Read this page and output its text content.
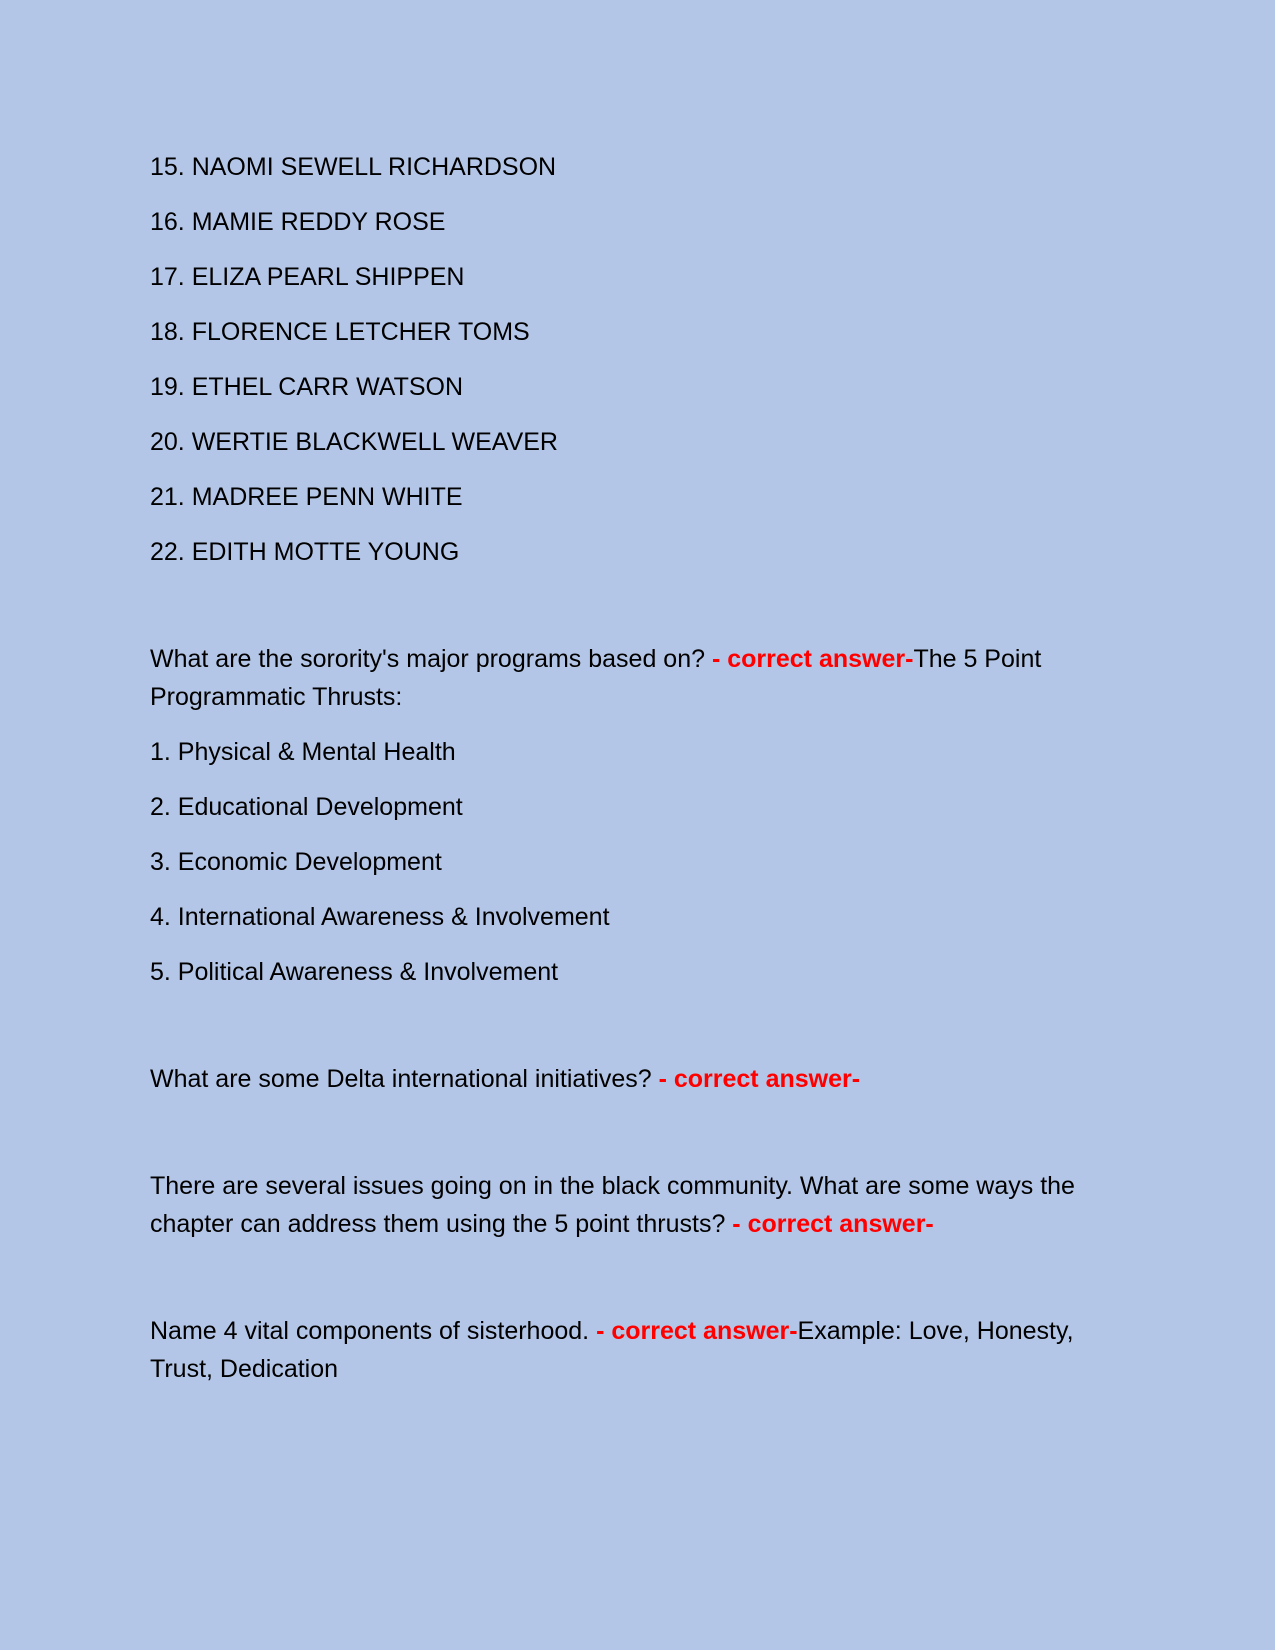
15. NAOMI SEWELL RICHARDSON
16. MAMIE REDDY ROSE
17. ELIZA PEARL SHIPPEN
18. FLORENCE LETCHER TOMS
19. ETHEL CARR WATSON
20. WERTIE BLACKWELL WEAVER
21. MADREE PENN WHITE
22. EDITH MOTTE YOUNG
What are the sorority's major programs based on? - correct answer-The 5 Point Programmatic Thrusts:
1. Physical & Mental Health
2. Educational Development
3. Economic Development
4. International Awareness & Involvement
5. Political Awareness & Involvement
What are some Delta international initiatives? - correct answer-
There are several issues going on in the black community. What are some ways the chapter can address them using the 5 point thrusts? - correct answer-
Name 4 vital components of sisterhood. - correct answer-Example: Love, Honesty, Trust, Dedication
